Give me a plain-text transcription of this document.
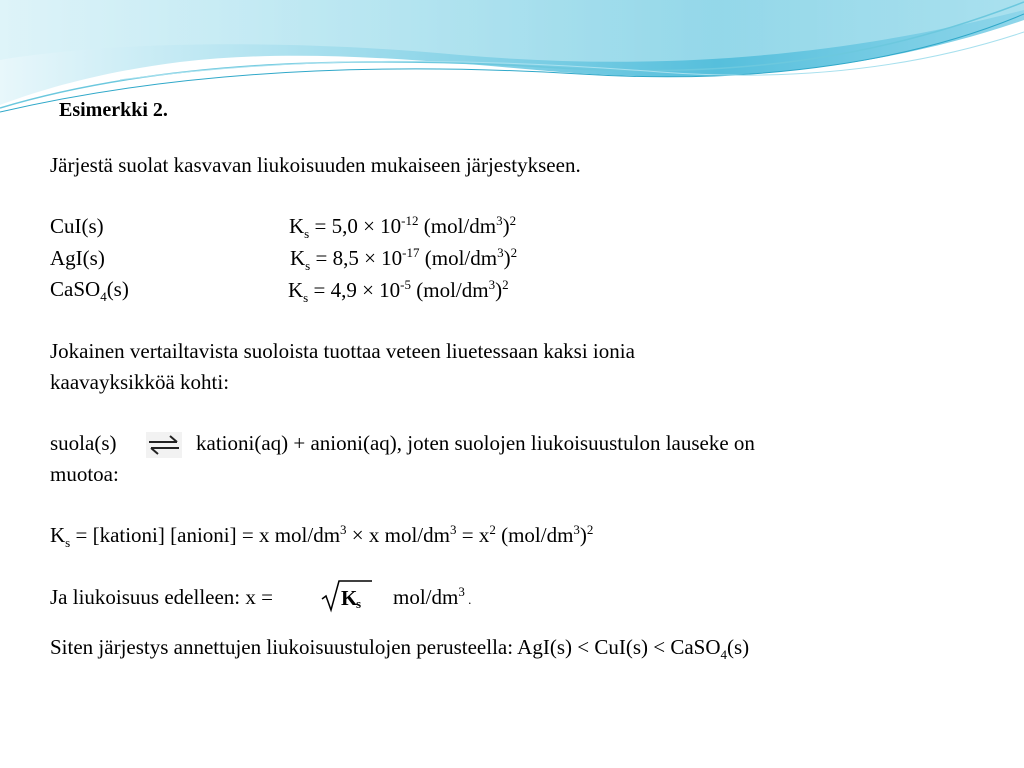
Esimerkki 2.
Järjestä suolat kasvavan liukoisuuden mukaiseen järjestykseen.
CuI(s)	$K_s = 5,0 \times 10^{-12}$ $(mol/dm^3)^2$
AgI(s)	$K_s = 8,5 \times 10^{-17}$ $(mol/dm^3)^2$
CaSO$_4$(s)	$K_s = 4,9 \times 10^{-5}$ $(mol/dm^3)^2$
Jokainen vertailtavista suoloista tuottaa veteen liuetessaan kaksi ionia
kaavayksikköä kohti:
suola(s)	kationi(aq) + anioni(aq), joten suolojen liukoisuustulon lauseke on
muotoa:
$K_s$ = [kationi] [anioni] = x mol/$dm^3 \times x$ mol/$dm^3 = x^2$ $(mol/dm^3)^2$
Ja liukoisuus edelleen: x =	K
s mol/$dm^3$ .
Siten järjestys annettujen liukoisuustulojen perusteella: AgI(s) < CuI(s) < CaSO$_4$(s)
